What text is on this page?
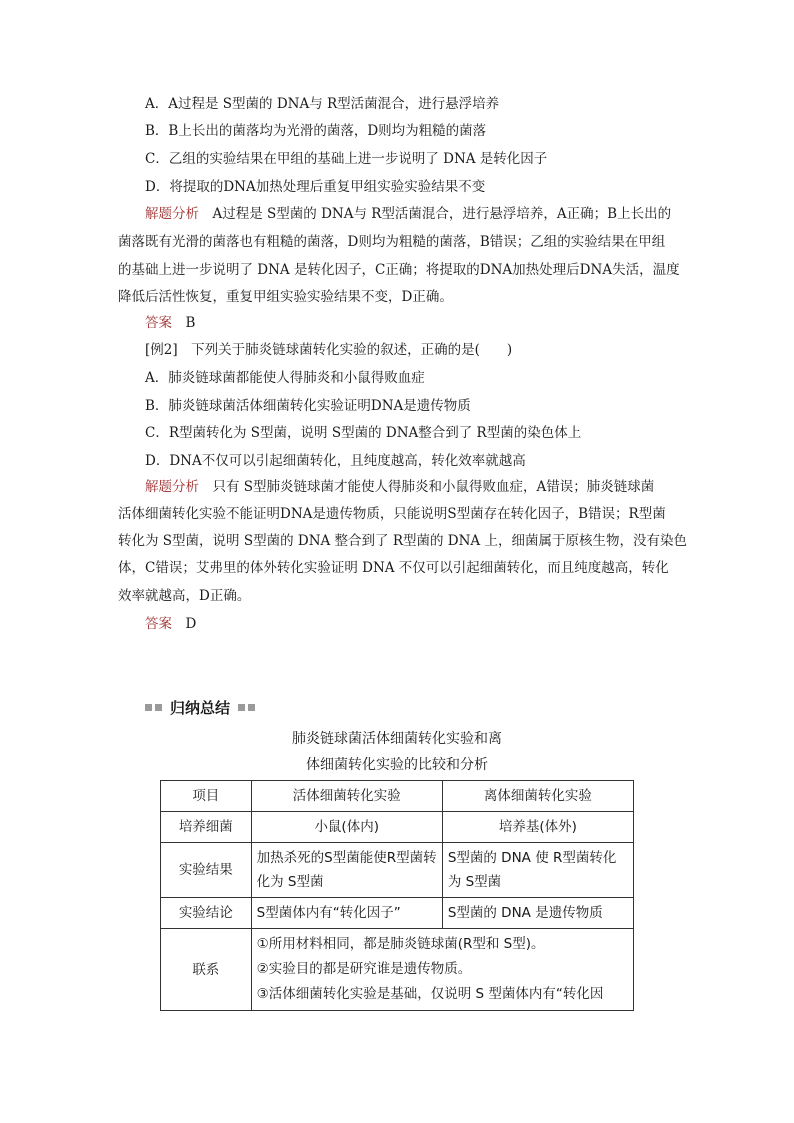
A．A过程是 S型菌的 DNA与 R型活菌混合，进行悬浮培养
B．B上长出的菌落均为光滑的菌落，D则均为粗糙的菌落
C．乙组的实验结果在甲组的基础上进一步说明了 DNA 是转化因子
D．将提取的DNA加热处理后重复甲组实验实验结果不变
解题分析　A过程是 S型菌的 DNA与 R型活菌混合，进行悬浮培养，A正确；B上长出的
菌落既有光滑的菌落也有粗糙的菌落，D则均为粗糙的菌落，B错误；乙组的实验结果在甲组
的基础上进一步说明了 DNA 是转化因子，C正确；将提取的DNA加热处理后DNA失活，温度
降低后活性恢复，重复甲组实验实验结果不变，D正确。
答案　 B
[例2]　下列关于肺炎链球菌转化实验的叙述，正确的是(　　)
A．肺炎链球菌都能使人得肺炎和小鼠得败血症
B．肺炎链球菌活体细菌转化实验证明DNA是遗传物质
C．R型菌转化为 S型菌，说明 S型菌的 DNA整合到了 R型菌的染色体上
D．DNA不仅可以引起细菌转化，且纯度越高，转化效率就越高
解题分析　只有 S型肺炎链球菌才能使人得肺炎和小鼠得败血症，A错误；肺炎链球菌
活体细菌转化实验不能证明DNA是遗传物质，只能说明S型菌存在转化因子，B错误；R型菌
转化为 S型菌，说明 S型菌的 DNA 整合到了 R型菌的 DNA 上，细菌属于原核生物，没有染色
体，C错误；艾弗里的体外转化实验证明 DNA 不仅可以引起细菌转化，而且纯度越高，转化
效率就越高，D正确。
答案　 D
归纳总结
肺炎链球菌活体细菌转化实验和离
体细菌转化实验的比较和分析
项目	活体细菌转化实验	离体细菌转化实验
培养细菌	小鼠(体内)	培养基(体外)
实验结果	加热杀死的S型菌能使R型菌转化为 S型菌	S型菌的 DNA 使 R型菌转化为 S型菌
实验结论	S型菌体内有“转化因子”	S型菌的 DNA 是遗传物质
联系	①所用材料相同，都是肺炎链球菌(R型和 S型)。
②实验目的都是研究谁是遗传物质。
③活体细菌转化实验是基础，仅说明 S 型菌体内有“转化因	
